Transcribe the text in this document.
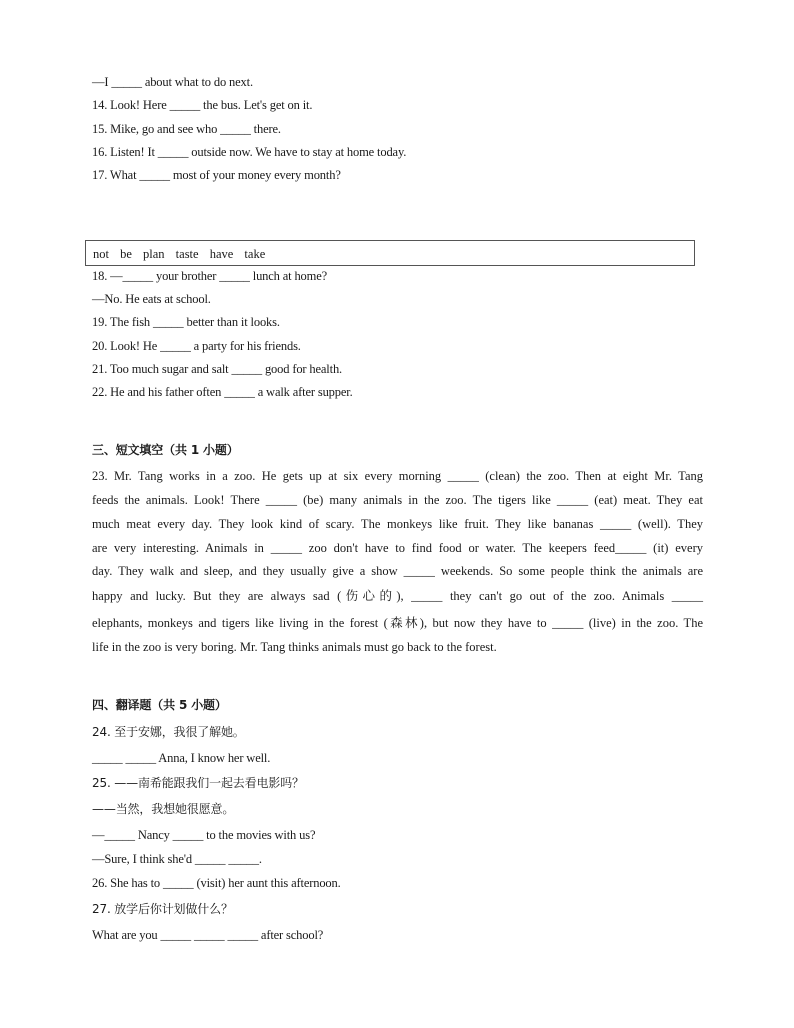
—I _____ about what to do next.
14. Look! Here _____ the bus. Let's get on it.
15. Mike, go and see who _____ there.
16. Listen! It _____ outside now. We have to stay at home today.
17. What _____ most of your money every month?
not be plan taste have take
18. —_____ your brother _____ lunch at home?
—No. He eats at school.
19. The fish _____ better than it looks.
20. Look! He _____ a party for his friends.
21. Too much sugar and salt _____ good for health.
22. He and his father often _____ a walk after supper.
三、短文填空（共 1 小题）
23. Mr. Tang works in a zoo. He gets up at six every morning _____ (clean) the zoo. Then at eight Mr. Tang
feeds the animals. Look! There _____ (be) many animals in the zoo. The tigers like _____ (eat) meat. They eat
much meat every day. They look kind of scary. The monkeys like fruit. They like bananas _____ (well). They
are very interesting. Animals in _____ zoo don't have to find food or water. The keepers feed_____ (it) every
day. They walk and sleep, and they usually give a show _____ weekends. So some people think the animals are
happy and lucky. But they are always sad (伤心的), _____ they can't go out of the zoo. Animals _____
elephants, monkeys and tigers like living in the forest (森林), but now they have to _____ (live) in the zoo. The
life in the zoo is very boring. Mr. Tang thinks animals must go back to the forest.
四、翻译题（共 5 小题）
24. 至于安娜，我很了解她。
_____ _____ Anna, I know her well.
25. ——南希能跟我们一起去看电影吗？
——当然，我想她很愿意。
—_____ Nancy _____ to the movies with us?
—Sure, I think she'd _____ _____.
26. She has to _____ (visit) her aunt this afternoon.
27. 放学后你计划做什么？
What are you _____ _____ _____ after school?
